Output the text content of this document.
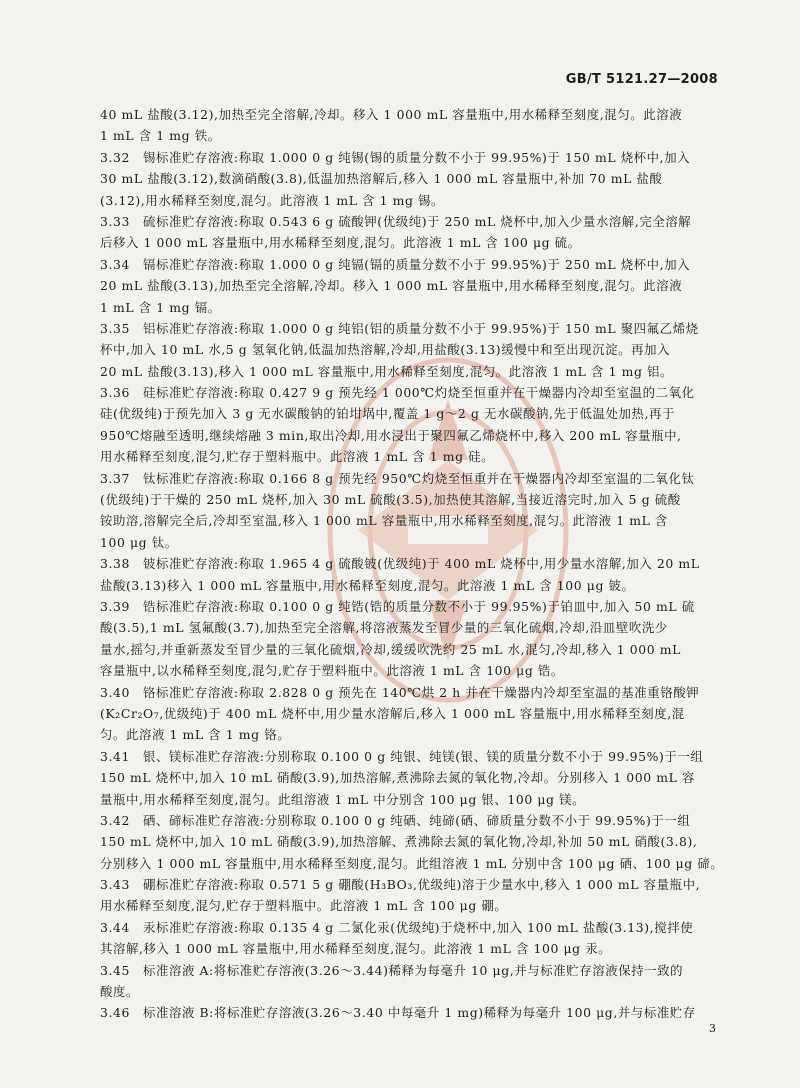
GB/T 5121.27—2008
40 mL 盐酸(3.12),加热至完全溶解,冷却。移入 1 000 mL 容量瓶中,用水稀释至刻度,混匀。此溶液
1 mL 含 1 mg 铁。
3.32　锡标准贮存溶液:称取 1.000 0 g 纯锡(锡的质量分数不小于 99.95%)于 150 mL 烧杯中,加入
30 mL 盐酸(3.12),数滴硝酸(3.8),低温加热溶解后,移入 1 000 mL 容量瓶中,补加 70 mL 盐酸
(3.12),用水稀释至刻度,混匀。此溶液 1 mL 含 1 mg 锡。
3.33　硫标准贮存溶液:称取 0.543 6 g 硫酸钾(优级纯)于 250 mL 烧杯中,加入少量水溶解,完全溶解
后移入 1 000 mL 容量瓶中,用水稀释至刻度,混匀。此溶液 1 mL 含 100 μg 硫。
3.34　镉标准贮存溶液:称取 1.000 0 g 纯镉(镉的质量分数不小于 99.95%)于 250 mL 烧杯中,加入
20 mL 盐酸(3.13),加热至完全溶解,冷却。移入 1 000 mL 容量瓶中,用水稀释至刻度,混匀。此溶液
1 mL 含 1 mg 镉。
3.35　铝标准贮存溶液:称取 1.000 0 g 纯铝(铝的质量分数不小于 99.95%)于 150 mL 聚四氟乙烯烧
杯中,加入 10 mL 水,5 g 氢氧化钠,低温加热溶解,冷却,用盐酸(3.13)缓慢中和至出现沉淀。再加入
20 mL 盐酸(3.13),移入 1 000 mL 容量瓶中,用水稀释至刻度,混匀。此溶液 1 mL 含 1 mg 铝。
3.36　硅标准贮存溶液:称取 0.427 9 g 预先经 1 000℃灼烧至恒重并在干燥器内冷却至室温的二氧化
硅(优级纯)于预先加入 3 g 无水碳酸钠的铂坩埚中,覆盖 1 g～2 g 无水碳酸钠,先于低温处加热,再于
950℃熔融至透明,继续熔融 3 min,取出冷却,用水浸出于聚四氟乙烯烧杯中,移入 200 mL 容量瓶中,
用水稀释至刻度,混匀,贮存于塑料瓶中。此溶液 1 mL 含 1 mg 硅。
3.37　钛标准贮存溶液:称取 0.166 8 g 预先经 950℃灼烧至恒重并在干燥器内冷却至室温的二氧化钛
(优级纯)于干燥的 250 mL 烧杯,加入 30 mL 硫酸(3.5),加热使其溶解,当接近溶完时,加入 5 g 硫酸
铵助溶,溶解完全后,冷却至室温,移入 1 000 mL 容量瓶中,用水稀释至刻度,混匀。此溶液 1 mL 含
100 μg 钛。
3.38　铍标准贮存溶液:称取 1.965 4 g 硫酸铍(优级纯)于 400 mL 烧杯中,用少量水溶解,加入 20 mL
盐酸(3.13)移入 1 000 mL 容量瓶中,用水稀释至刻度,混匀。此溶液 1 mL 含 100 μg 铍。
3.39　锆标准贮存溶液:称取 0.100 0 g 纯锆(锆的质量分数不小于 99.95%)于铂皿中,加入 50 mL 硫
酸(3.5),1 mL 氢氟酸(3.7),加热至完全溶解,将溶液蒸发至冒少量的三氧化硫烟,冷却,沿皿壁吹洗少
量水,摇匀,并重新蒸发至冒少量的三氧化硫烟,冷却,缓缓吹洗约 25 mL 水,混匀,冷却,移入 1 000 mL
容量瓶中,以水稀释至刻度,混匀,贮存于塑料瓶中。此溶液 1 mL 含 100 μg 锆。
3.40　铬标准贮存溶液:称取 2.828 0 g 预先在 140℃烘 2 h 并在干燥器内冷却至室温的基准重铬酸钾
(K₂Cr₂O₇,优级纯)于 400 mL 烧杯中,用少量水溶解后,移入 1 000 mL 容量瓶中,用水稀释至刻度,混
匀。此溶液 1 mL 含 1 mg 铬。
3.41　银、镁标准贮存溶液:分别称取 0.100 0 g 纯银、纯镁(银、镁的质量分数不小于 99.95%)于一组
150 mL 烧杯中,加入 10 mL 硝酸(3.9),加热溶解,煮沸除去氮的氧化物,冷却。分别移入 1 000 mL 容
量瓶中,用水稀释至刻度,混匀。此组溶液 1 mL 中分别含 100 μg 银、100 μg 镁。
3.42　硒、碲标准贮存溶液:分别称取 0.100 0 g 纯硒、纯碲(硒、碲质量分数不小于 99.95%)于一组
150 mL 烧杯中,加入 10 mL 硝酸(3.9),加热溶解、煮沸除去氮的氧化物,冷却,补加 50 mL 硝酸(3.8),
分别移入 1 000 mL 容量瓶中,用水稀释至刻度,混匀。此组溶液 1 mL 分别中含 100 μg 硒、100 μg 碲。
3.43　硼标准贮存溶液:称取 0.571 5 g 硼酸(H₃BO₃,优级纯)溶于少量水中,移入 1 000 mL 容量瓶中,
用水稀释至刻度,混匀,贮存于塑料瓶中。此溶液 1 mL 含 100 μg 硼。
3.44　汞标准贮存溶液:称取 0.135 4 g 二氯化汞(优级纯)于烧杯中,加入 100 mL 盐酸(3.13),搅拌使
其溶解,移入 1 000 mL 容量瓶中,用水稀释至刻度,混匀。此溶液 1 mL 含 100 μg 汞。
3.45　标准溶液 A:将标准贮存溶液(3.26～3.44)稀释为每毫升 10 μg,并与标准贮存溶液保持一致的
酸度。
3.46　标准溶液 B:将标准贮存溶液(3.26～3.40 中每毫升 1 mg)稀释为每毫升 100 μg,并与标准贮存
3
